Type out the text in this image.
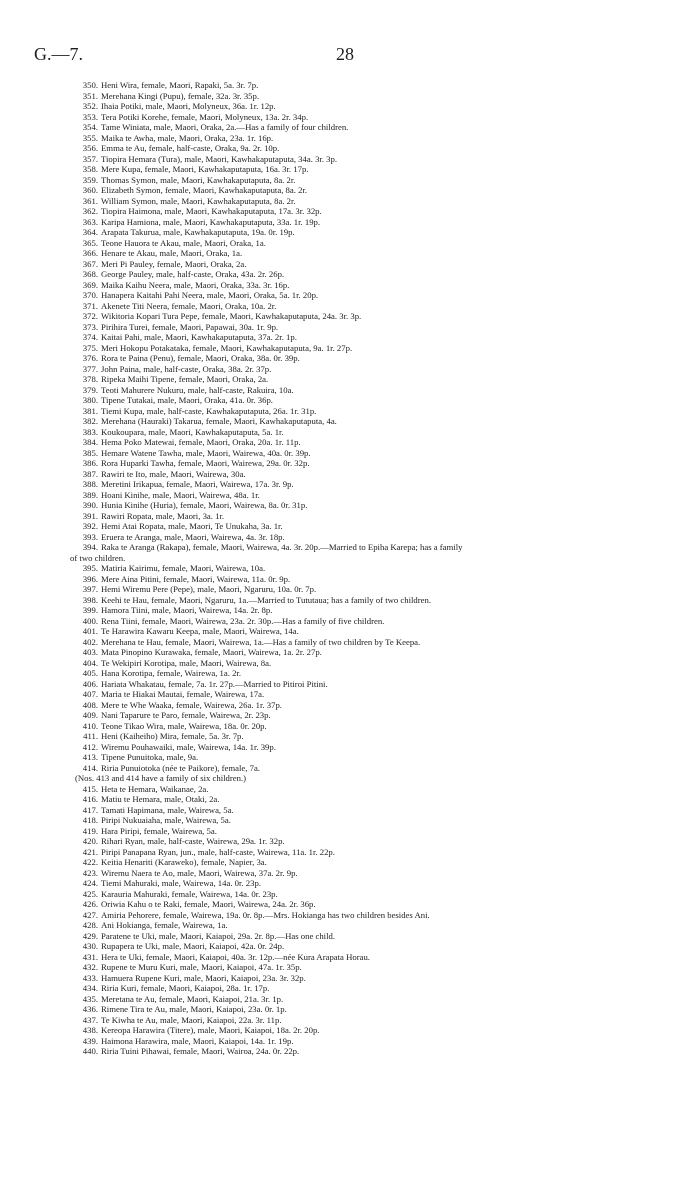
G.—7.	28
350. Heni Wira, female, Maori, Rapaki, 5a. 3r. 7p.
351. Merehana Kingi (Pupu), female, 32a. 3r. 35p.
352. Ihaia Potiki, male, Maori, Molyneux, 36a. 1r. 12p.
353. Tera Potiki Korehe, female, Maori, Molyneux, 13a. 2r. 34p.
354. Tame Winiata, male, Maori, Oraka, 2a.—Has a family of four children.
355. Maika te Awha, male, Maori, Oraka, 23a. 1r. 16p.
356. Emma te Au, female, half-caste, Oraka, 9a. 2r. 10p.
357. Tiopira Hemara (Tura), male, Maori, Kawhakaputaputa, 34a. 3r. 3p.
358. Mere Kupa, female, Maori, Kawhakaputaputa, 16a. 3r. 17p.
359. Thomas Symon, male, Maori, Kawhakaputaputa, 8a. 2r.
360. Elizabeth Symon, female, Maori, Kawhakaputaputa, 8a. 2r.
361. William Symon, male, Maori, Kawhakaputaputa, 8a. 2r.
362. Tiopira Haimona, male, Maori, Kawhakaputaputa, 17a. 3r. 32p.
363. Karipa Hamiona, male, Maori, Kawhakaputaputa, 33a. 1r. 19p.
364. Arapata Takurua, male, Kawhakaputaputa, 19a. 0r. 19p.
365. Teone Hauora te Akau, male, Maori, Oraka, 1a.
366. Henare te Akau, male, Maori, Oraka, 1a.
367. Meri Pi Pauley, female, Maori, Oraka, 2a.
368. George Pauley, male, half-caste, Oraka, 43a. 2r. 26p.
369. Maika Kaihu Neera, male, Maori, Oraka, 33a. 3r. 16p.
370. Hanapera Kaitahi Pahi Neera, male, Maori, Oraka, 5a. 1r. 20p.
371. Akenete Titi Neera, female, Maori, Oraka, 10a. 2r.
372. Wikitoria Kopari Tura Pepe, female, Maori, Kawhakaputaputa, 24a. 3r. 3p.
373. Pirihira Turei, female, Maori, Papawai, 30a. 1r. 9p.
374. Kaitai Pahi, male, Maori, Kawhakaputaputa, 37a. 2r. 1p.
375. Meri Hokopu Potakataka, female, Maori, Kawhakaputaputa, 9a. 1r. 27p.
376. Rora te Paina (Penu), female, Maori, Oraka, 38a. 0r. 39p.
377. John Paina, male, half-caste, Oraka, 38a. 2r. 37p.
378. Ripeka Maihi Tipene, female, Maori, Oraka, 2a.
379. Teoti Mahurere Nukuru, male, half-caste, Rakuira, 10a.
380. Tipene Tutakai, male, Maori, Oraka, 41a. 0r. 36p.
381. Tiemi Kupa, male, half-caste, Kawhakaputaputa, 26a. 1r. 31p.
382. Merehana (Hauraki) Takarua, female, Maori, Kawhakaputaputa, 4a.
383. Koukoupara, male, Maori, Kawhakaputaputa, 5a. 1r.
384. Hema Poko Matewai, female, Maori, Oraka, 20a. 1r. 11p.
385. Hemare Watene Tawha, male, Maori, Wairewa, 40a. 0r. 39p.
386. Rora Huparki Tawha, female, Maori, Wairewa, 29a. 0r. 32p.
387. Rawiri te Ito, male, Maori, Wairewa, 30a.
388. Meretini Irikapua, female, Maori, Wairewa, 17a. 3r. 9p.
389. Hoani Kinihe, male, Maori, Wairewa, 48a. 1r.
390. Hunia Kinihe (Huria), female, Maori, Wairewa, 8a. 0r. 31p.
391. Rawiri Ropata, male, Maori, 3a. 1r.
392. Hemi Atai Ropata, male, Maori, Te Unukaha, 3a. 1r.
393. Eruera te Aranga, male, Maori, Wairewa, 4a. 3r. 18p.
394. Raka te Aranga (Rakapa), female, Maori, Wairewa, 4a. 3r. 20p.—Married to Epiha Karepa; has a family
of two children.
395. Matiria Kairimu, female, Maori, Wairewa, 10a.
396. Mere Aina Pitini, female, Maori, Wairewa, 11a. 0r. 9p.
397. Hemi Wiremu Pere (Pepe), male, Maori, Ngaruru, 10a. 0r. 7p.
398. Keehi te Hau, female, Maori, Ngaruru, 1a.—Married to Tututaua; has a family of two children.
399. Hamora Tiini, male, Maori, Wairewa, 14a. 2r. 8p.
400. Rena Tiini, female, Maori, Wairewa, 23a. 2r. 30p.—Has a family of five children.
401. Te Harawira Kawaru Keepa, male, Maori, Wairewa, 14a.
402. Merehana te Hau, female, Maori, Wairewa, 1a.—Has a family of two children by Te Keepa.
403. Mata Pinopino Kurawaka, female, Maori, Wairewa, 1a. 2r. 27p.
404. Te Wekipiri Korotipa, male, Maori, Wairewa, 8a.
405. Hana Korotipa, female, Wairewa, 1a. 2r.
406. Hariata Whakatau, female, 7a. 1r. 27p.—Married to Pitiroi Pitini.
407. Maria te Hiakai Mautai, female, Wairewa, 17a.
408. Mere te Whe Waaka, female, Wairewa, 26a. 1r. 37p.
409. Nani Taparure te Paro, female, Wairewa, 2r. 23p.
410. Teone Tikao Wira, male, Wairewa, 18a. 0r. 20p.
411. Heni (Kaiheiho) Mira, female, 5a. 3r. 7p.
412. Wiremu Pouhawaiki, male, Wairewa, 14a. 1r. 39p.
413. Tipene Punuitoka, male, 9a.
414. Riria Punuiotoka (née te Paikore), female, 7a.
(Nos. 413 and 414 have a family of six children.)
415. Heta te Hemara, Waikanae, 2a.
416. Matiu te Hemara, male, Otaki, 2a.
417. Tamati Hapimana, male, Wairewa, 5a.
418. Piripi Nukuaiaha, male, Wairewa, 5a.
419. Hara Piripi, female, Wairewa, 5a.
420. Rihari Ryan, male, half-caste, Wairewa, 29a. 1r. 32p.
421. Piripi Panapana Ryan, jun., male, half-caste, Wairewa, 11a. 1r. 22p.
422. Keitia Henariti (Karaweko), female, Napier, 3a.
423. Wiremu Naera te Ao, male, Maori, Wairewa, 37a. 2r. 9p.
424. Tiemi Mahuraki, male, Wairewa, 14a. 0r. 23p.
425. Karauria Mahuraki, female, Wairewa, 14a. 0r. 23p.
426. Oriwia Kahu o te Raki, female, Maori, Wairewa, 24a. 2r. 36p.
427. Amiria Pehorere, female, Wairewa, 19a. 0r. 8p.—Mrs. Hokianga has two children besides Ani.
428. Ani Hokianga, female, Wairewa, 1a.
429. Paratene te Uki, male, Maori, Kaiapoi, 29a. 2r. 8p.—Has one child.
430. Rupapera te Uki, male, Maori, Kaiapoi, 42a. 0r. 24p.
431. Hera te Uki, female, Maori, Kaiapoi, 40a. 3r. 12p.—née Kura Arapata Horau.
432. Rupene te Muru Kuri, male, Maori, Kaiapoi, 47a. 1r. 35p.
433. Hamuera Rupene Kuri, male, Maori, Kaiapoi, 23a. 3r. 32p.
434. Riria Kuri, female, Maori, Kaiapoi, 28a. 1r. 17p.
435. Meretana te Au, female, Maori, Kaiapoi, 21a. 3r. 1p.
436. Rimene Tira te Au, male, Maori, Kaiapoi, 23a. 0r. 1p.
437. Te Kiwha te Au, male, Maori, Kaiapoi, 22a. 3r. 11p.
438. Kereopa Harawira (Titere), male, Maori, Kaiapoi, 18a. 2r. 20p.
439. Haimona Harawira, male, Maori, Kaiapoi, 14a. 1r. 19p.
440. Riria Tuini Pihawai, female, Maori, Wairoa, 24a. 0r. 22p.
